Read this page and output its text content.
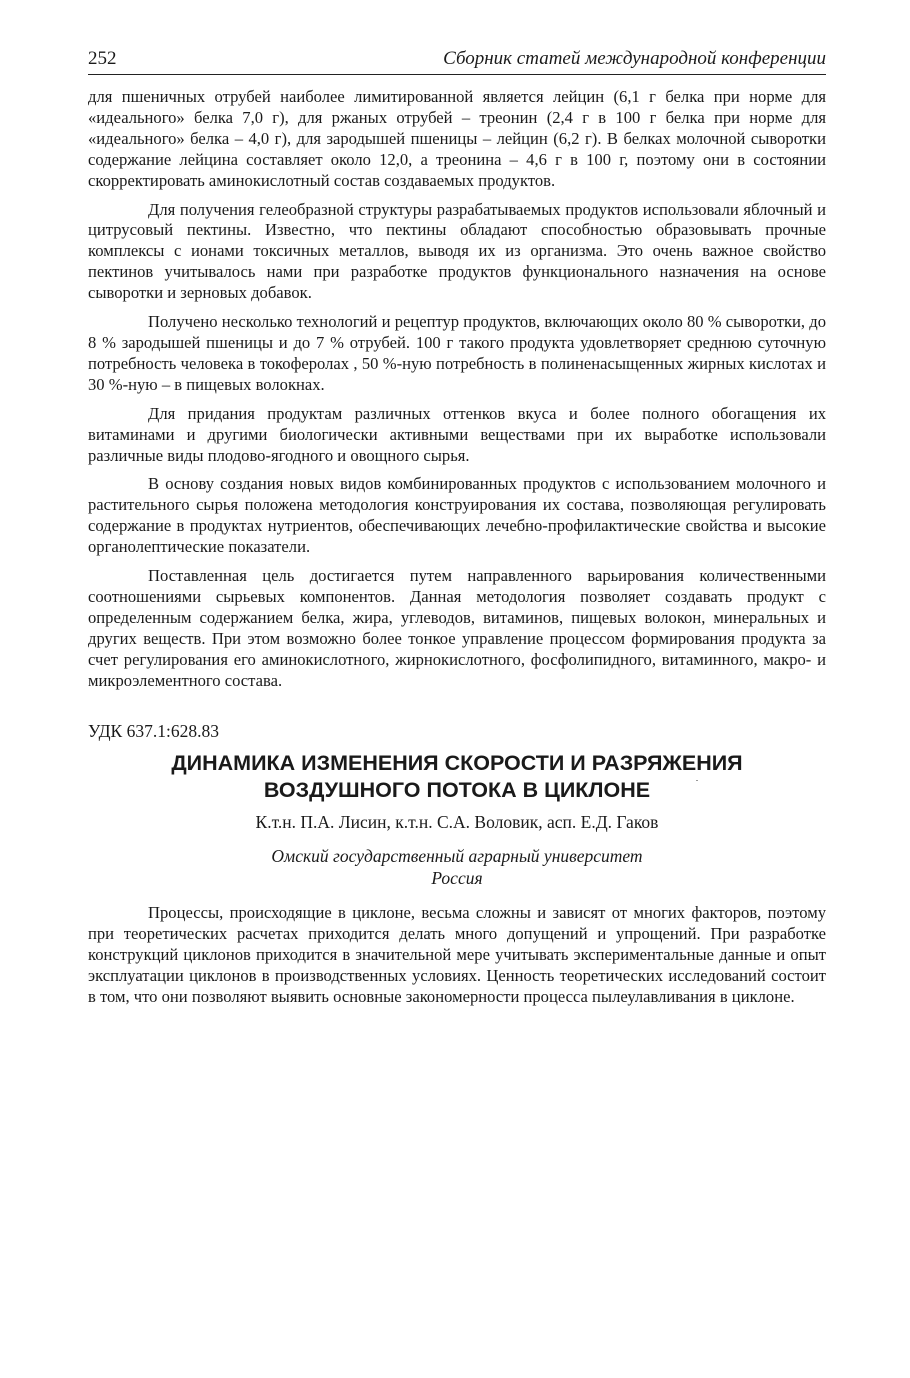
252	Сборник статей международной конференции

для пшеничных отрубей наиболее лимитированной является лейцин (6,1 г белка при норме для «идеального» белка 7,0 г), для ржаных отрубей – треонин (2,4 г в 100 г белка при норме для «идеального» белка – 4,0 г), для зародышей пшеницы – лейцин (6,2 г). В белках молочной сыворотки содержание лейцина составляет около 12,0, а треонина – 4,6 г в 100 г, поэтому они в состоянии скорректировать аминокислотный состав создаваемых продуктов.

Для получения гелеобразной структуры разрабатываемых продуктов использовали яблочный и цитрусовый пектины. Известно, что пектины обладают способностью образовывать прочные комплексы с ионами токсичных металлов, выводя их из организма. Это очень важное свойство пектинов учитывалось нами при разработке продуктов функционального назначения на основе сыворотки и зерновых добавок.

Получено несколько технологий и рецептур продуктов, включающих около 80 % сыворотки, до 8 % зародышей пшеницы и до 7 % отрубей. 100 г такого продукта удовлетворяет среднюю суточную потребность человека в токоферолах , 50 %-ную потребность в полиненасыщенных жирных кислотах и 30 %-ную – в пищевых волокнах.

Для придания продуктам различных оттенков вкуса и более полного обогащения их витаминами и другими биологически активными веществами при их выработке использовали различные виды плодово-ягодного и овощного сырья.

В основу создания новых видов комбинированных продуктов с использованием молочного и растительного сырья положена методология конструирования их состава, позволяющая регулировать содержание в продуктах нутриентов, обеспечивающих лечебно-профилактические свойства и высокие органолептические показатели.

Поставленная цель достигается путем направленного варьирования количественными соотношениями сырьевых компонентов. Данная методология позволяет создавать продукт с определенным содержанием белка, жира, углеводов, витаминов, пищевых волокон, минеральных и других веществ. При этом возможно более тонкое управление процессом формирования продукта за счет регулирования его аминокислотного, жирнокислотного, фосфолипидного, витаминного, макро- и микроэлементного состава.

УДК 637.1:628.83
ДИНАМИКА ИЗМЕНЕНИЯ СКОРОСТИ И РАЗРЯЖЕНИЯ
ВОЗДУШНОГО ПОТОКА В ЦИКЛОНЕ
К.т.н. П.А. Лисин, к.т.н. С.А. Воловик, асп. Е.Д. Гаков
Омский государственный аграрный университет
Россия

Процессы, происходящие в циклоне, весьма сложны и зависят от многих факторов, поэтому при теоретических расчетах приходится делать много допущений и упрощений. При разработке конструкций циклонов приходится в значительной мере учитывать экспериментальные данные и опыт эксплуатации циклонов в производственных условиях. Ценность теоретических исследований состоит в том, что они позволяют выявить основные закономерности процесса пылеулавливания в циклоне.
